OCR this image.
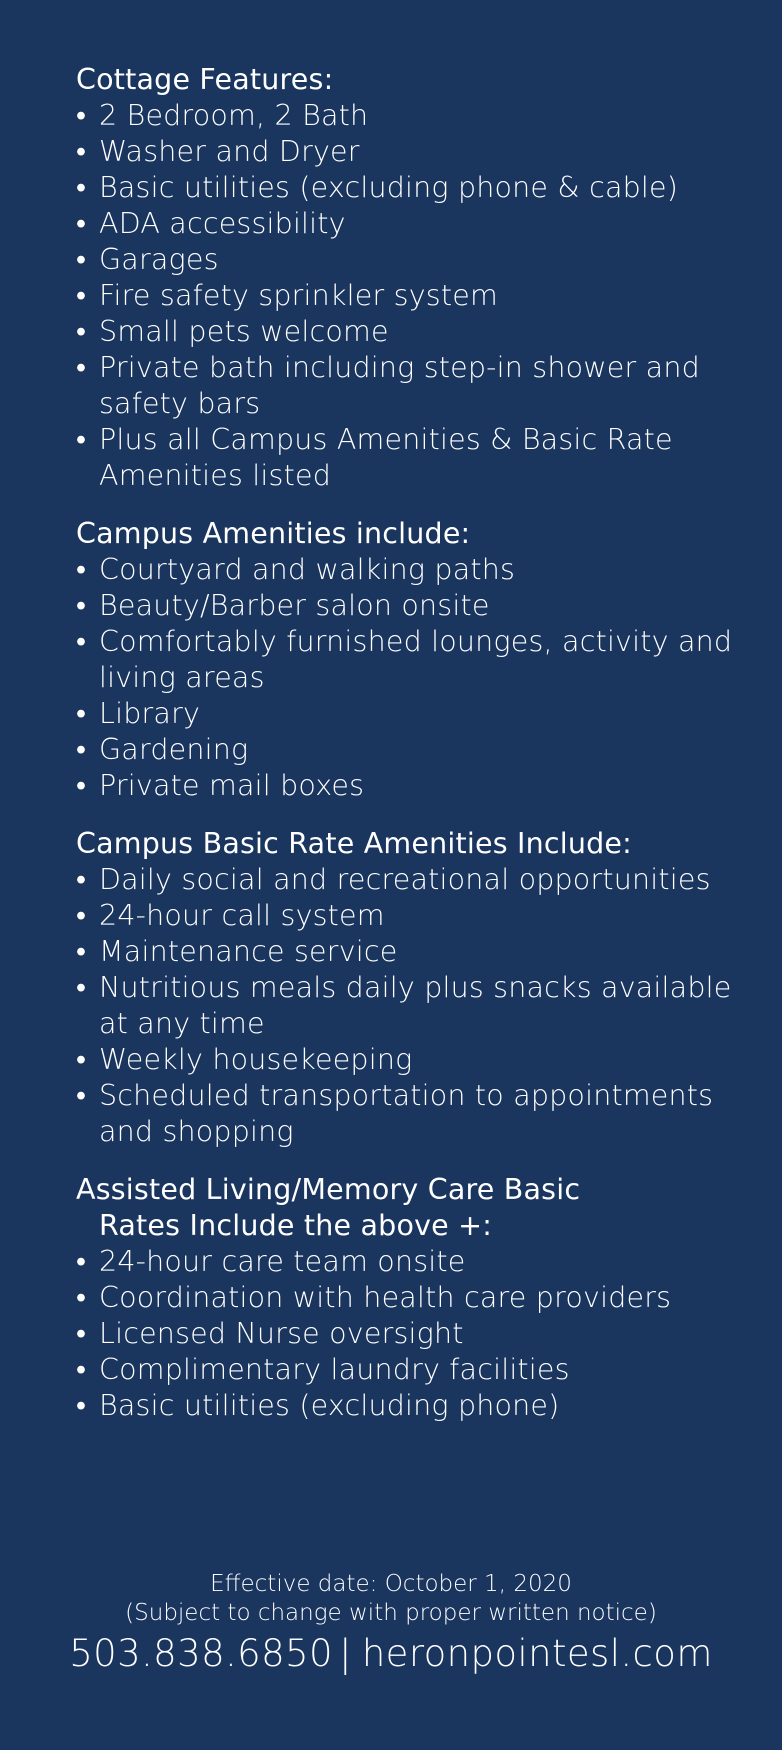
Cottage Features:
• 2 Bedroom, 2 Bath
• Washer and Dryer
• Basic utilities (excluding phone & cable)
• ADA accessibility
• Garages
• Fire safety sprinkler system
• Small pets welcome
• Private bath including step-in shower and safety bars
• Plus all Campus Amenities & Basic Rate Amenities listed
Campus Amenities include:
• Courtyard and walking paths
• Beauty/Barber salon onsite
• Comfortably furnished lounges, activity and living areas
• Library
• Gardening
• Private mail boxes
Campus Basic Rate Amenities Include:
• Daily social and recreational opportunities
• 24-hour call system
• Maintenance service
• Nutritious meals daily plus snacks available at any time
• Weekly housekeeping
• Scheduled transportation to appointments and shopping
Assisted Living/Memory Care Basic
Rates Include the above +:
• 24-hour care team onsite
• Coordination with health care providers
• Licensed Nurse oversight
• Complimentary laundry facilities
• Basic utilities (excluding phone)
Effective date: October 1, 2020
(Subject to change with proper written notice)
503.838.6850 | heronpointesl.com
